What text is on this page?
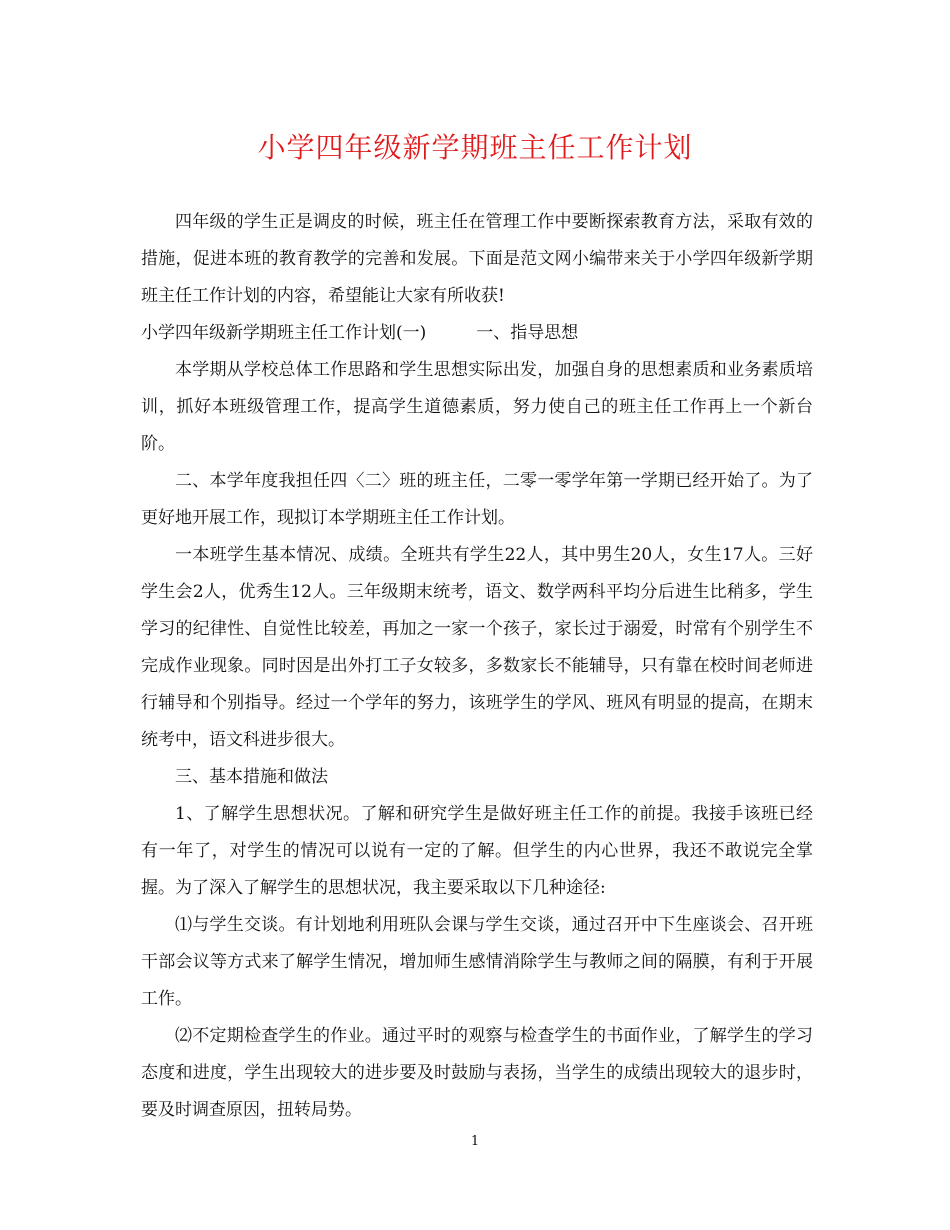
小学四年级新学期班主任工作计划

四年级的学生正是调皮的时候，班主任在管理工作中要断探索教育方法，采取有效的措施，促进本班的教育教学的完善和发展。下面是范文网小编带来关于小学四年级新学期班主任工作计划的内容，希望能让大家有所收获!

小学四年级新学期班主任工作计划(一)	一、指导思想

本学期从学校总体工作思路和学生思想实际出发，加强自身的思想素质和业务素质培训，抓好本班级管理工作，提高学生道德素质，努力使自己的班主任工作再上一个新台阶。

二、本学年度我担任四〈二〉班的班主任，二零一零学年第一学期已经开始了。为了更好地开展工作，现拟订本学期班主任工作计划。

一本班学生基本情况、成绩。全班共有学生22人，其中男生20人，女生17人。三好学生会2人，优秀生12人。三年级期末统考，语文、数学两科平均分后进生比稍多，学生学习的纪律性、自觉性比较差，再加之一家一个孩子，家长过于溺爱，时常有个别学生不完成作业现象。同时因是出外打工子女较多，多数家长不能辅导，只有靠在校时间老师进行辅导和个别指导。经过一个学年的努力，该班学生的学风、班风有明显的提高，在期末统考中，语文科进步很大。

三、基本措施和做法

1、了解学生思想状况。了解和研究学生是做好班主任工作的前提。我接手该班已经有一年了，对学生的情况可以说有一定的了解。但学生的内心世界，我还不敢说完全掌握。为了深入了解学生的思想状况，我主要采取以下几种途径:

⑴与学生交谈。有计划地利用班队会课与学生交谈，通过召开中下生座谈会、召开班干部会议等方式来了解学生情况，增加师生感情消除学生与教师之间的隔膜，有利于开展工作。

⑵不定期检查学生的作业。通过平时的观察与检查学生的书面作业，了解学生的学习态度和进度，学生出现较大的进步要及时鼓励与表扬，当学生的成绩出现较大的退步时，要及时调查原因，扭转局势。

1
